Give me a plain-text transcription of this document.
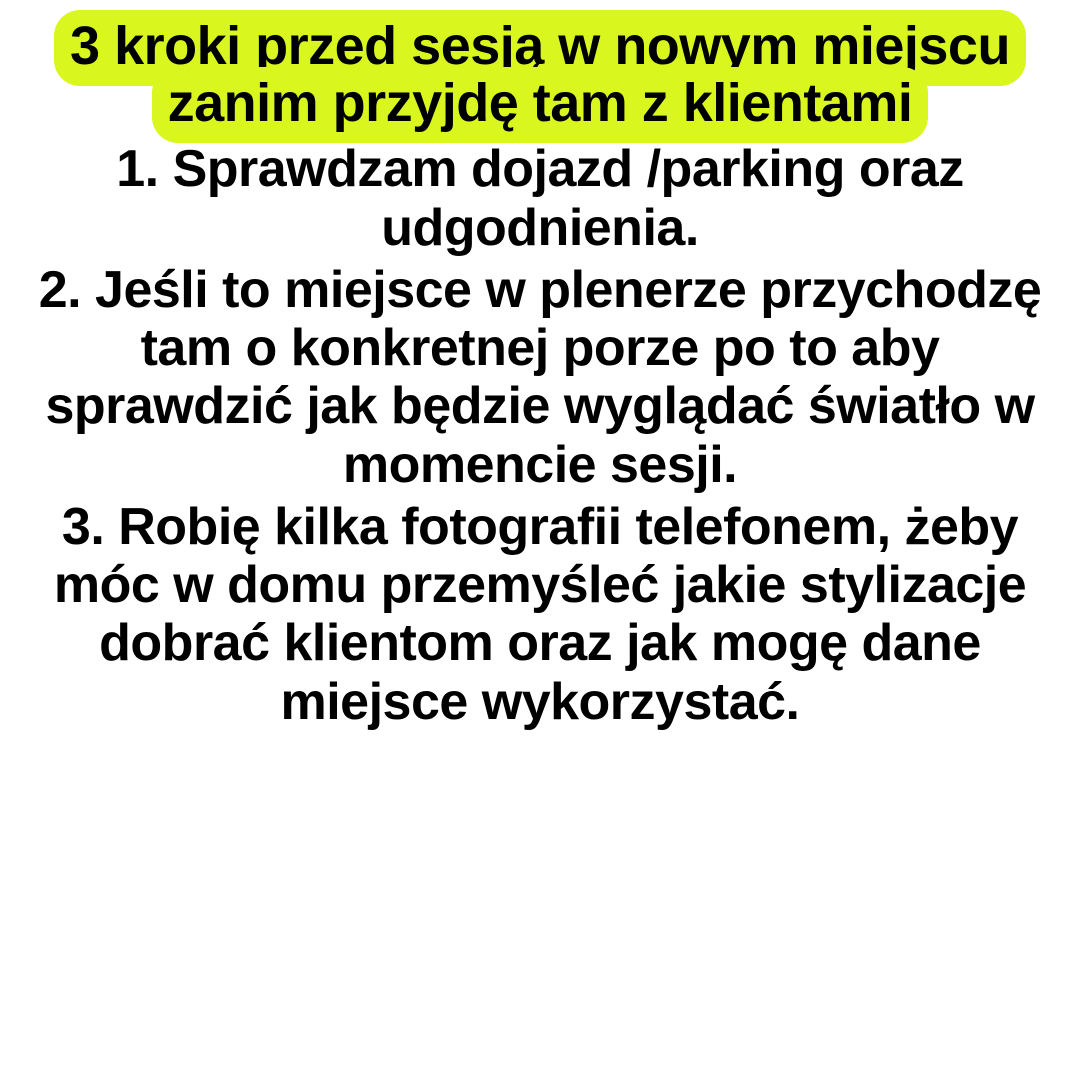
3 kroki przed sesją w nowym miejscu zanim przyjdę tam z klientami

1. Sprawdzam dojazd /parking oraz udgodnienia.

2. Jeśli to miejsce w plenerze przychodzę tam o konkretnej porze po to aby sprawdzić jak będzie wyglądać światło w momencie sesji.

3. Robię kilka fotografii telefonem, żeby móc w domu przemyśleć jakie stylizacje dobrać klientom oraz jak mogę dane miejsce wykorzystać.
